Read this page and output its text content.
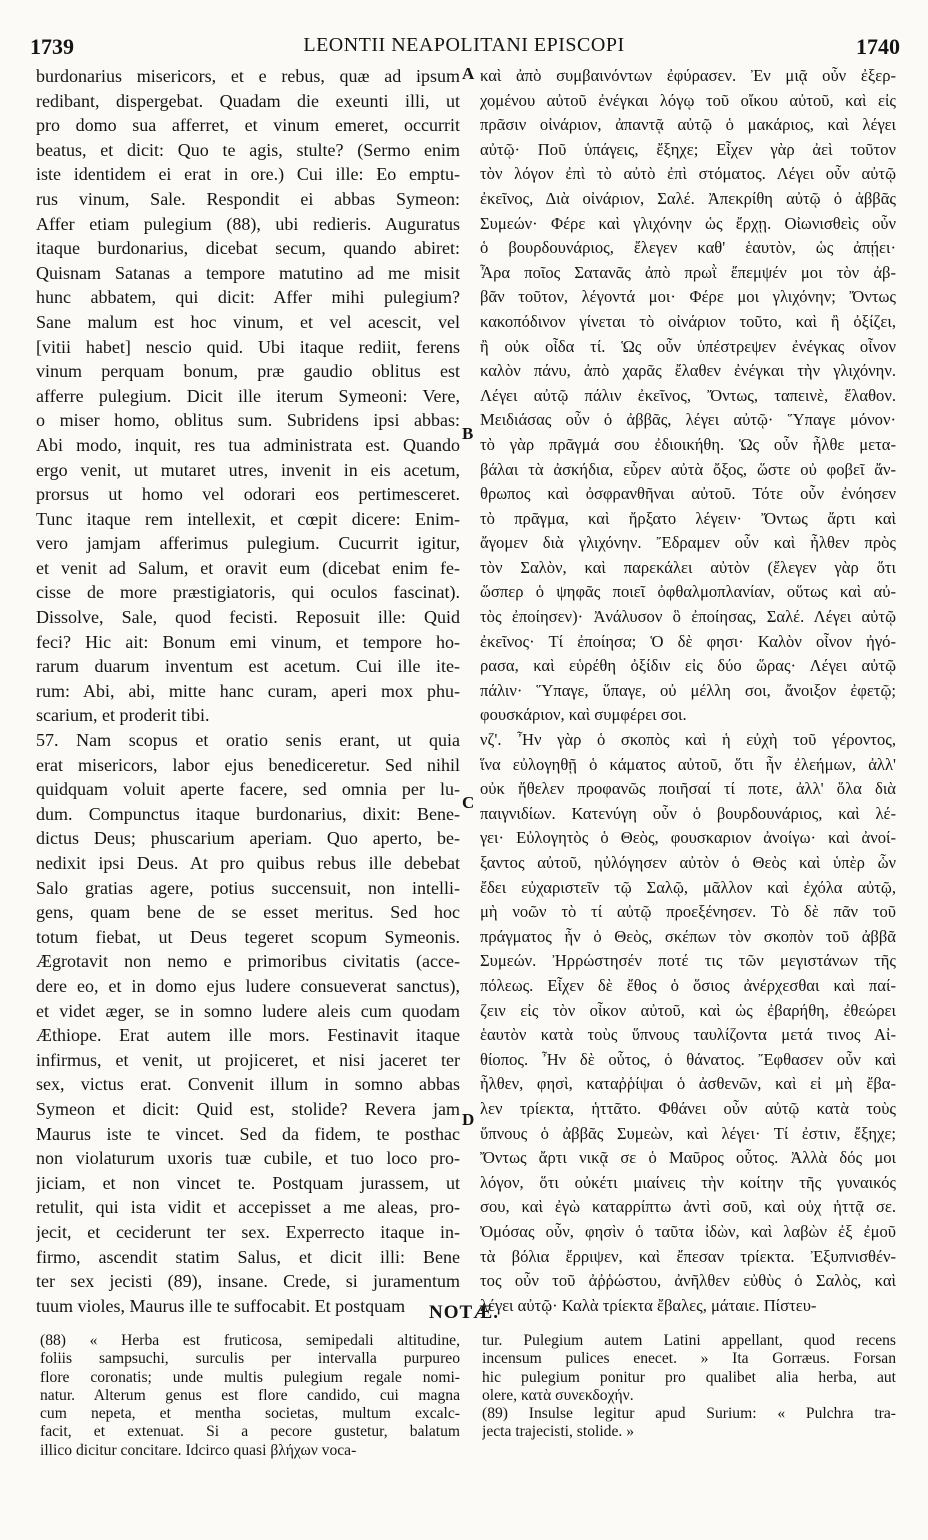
1739	LEONTII NEAPOLITANI EPISCOPI	1740
burdonarius misericors, et e rebus, quæ ad ipsum
redibant, dispergebat. Quadam die exeunti illi, ut
pro domo sua afferret, et vinum emeret, occurrit
beatus, et dicit: Quo te agis, stulte? (Sermo enim
iste identidem ei erat in ore.) Cui ille: Eo emptu-
rus vinum, Sale. Respondit ei abbas Symeon:
Affer etiam pulegium (88), ubi redieris. Auguratus
itaque burdonarius, dicebat secum, quando abiret:
Quisnam Satanas a tempore matutino ad me misit
hunc abbatem, qui dicit: Affer mihi pulegium?
Sane malum est hoc vinum, et vel acescit, vel
[vitii habet] nescio quid. Ubi itaque rediit, ferens
vinum perquam bonum, præ gaudio oblitus est
afferre pulegium. Dicit ille iterum Symeoni: Vere,
o miser homo, oblitus sum. Subridens ipsi abbas:
Abi modo, inquit, res tua administrata est. Quando
ergo venit, ut mutaret utres, invenit in eis acetum,
prorsus ut homo vel odorari eos pertimesceret.
Tunc itaque rem intellexit, et cœpit dicere: Enim-
vero jamjam afferimus pulegium. Cucurrit igitur,
et venit ad Salum, et oravit eum (dicebat enim fe-
cisse de more præstigiatoris, qui oculos fascinat).
Dissolve, Sale, quod fecisti. Reposuit ille: Quid
feci? Hic ait: Bonum emi vinum, et tempore ho-
rarum duarum inventum est acetum. Cui ille ite-
rum: Abi, abi, mitte hanc curam, aperi mox phu-
scarium, et proderit tibi.
57. Nam scopus et oratio senis erant, ut quia
erat misericors, labor ejus benediceretur. Sed nihil
quidquam voluit aperte facere, sed omnia per lu-
dum. Compunctus itaque burdonarius, dixit: Bene-
dictus Deus; phuscarium aperiam. Quo aperto, be-
nedixit ipsi Deus. At pro quibus rebus ille debebat
Salo gratias agere, potius succensuit, non intelli-
gens, quam bene de se esset meritus. Sed hoc
totum fiebat, ut Deus tegeret scopum Symeonis.
Ægrotavit non nemo e primoribus civitatis (acce-
dere eo, et in domo ejus ludere consueverat sanctus),
et videt æger, se in somno ludere aleis cum quodam
Æthiope. Erat autem ille mors. Festinavit itaque
infirmus, et venit, ut projiceret, et nisi jaceret ter
sex, victus erat. Convenit illum in somno abbas
Symeon et dicit: Quid est, stolide? Revera jam
Maurus iste te vincet. Sed da fidem, te posthac
non violaturum uxoris tuæ cubile, et tuo loco pro-
jiciam, et non vincet te. Postquam jurassem, ut
retulit, qui ista vidit et accepisset a me aleas, pro-
jecit, et ceciderunt ter sex. Experrecto itaque in-
firmo, ascendit statim Salus, et dicit illi: Bene
ter sex jecisti (89), insane. Crede, si juramentum
tuum violes, Maurus ille te suffocabit. Et postquam
καὶ ἀπὸ συμβαινόντων ἐφύρασεν. Ἐν μιᾷ οὖν ἐξερ-
χομένου αὐτοῦ ἐνέγκαι λόγῳ τοῦ οἴκου αὐτοῦ, καὶ εἰς
πρᾶσιν οἰνάριον, ἀπαντᾷ αὐτῷ ὁ μακάριος, καὶ λέγει
αὐτῷ· Ποῦ ὑπάγεις, ἔξηχε; Εἶχεν γὰρ ἀεὶ τοῦτον
τὸν λόγον ἐπὶ τὸ αὐτὸ ἐπὶ στόματος. Λέγει οὖν αὐτῷ
ἐκεῖνος, Διὰ οἰνάριον, Σαλέ. Ἀπεκρίθη αὐτῷ ὁ ἀββᾶς
Συμεών· Φέρε καὶ γλιχόνην ὡς ἔρχῃ. Οἰωνισθεὶς οὖν
ὁ βουρδουνάριος, ἔλεγεν καθ' ἑαυτὸν, ὡς ἀπῄει·
Ἆρα ποῖος Σατανᾶς ἀπὸ πρωῒ ἔπεμψέν μοι τὸν ἀβ-
βᾶν τοῦτον, λέγοντά μοι· Φέρε μοι γλιχόνην; Ὄντως
κακοπόδινον γίνεται τὸ οἰνάριον τοῦτο, καὶ ἢ ὀξίζει,
ἢ οὐκ οἶδα τί. Ὡς οὖν ὑπέστρεψεν ἐνέγκας οἶνον
καλὸν πάνυ, ἀπὸ χαρᾶς ἔλαθεν ἐνέγκαι τὴν γλιχόνην.
Λέγει αὐτῷ πάλιν ἐκεῖνος, Ὄντως, ταπεινὲ, ἔλαθον.
Μειδιάσας οὖν ὁ ἀββᾶς, λέγει αὐτῷ· Ὕπαγε μόνον·
τὸ γὰρ πρᾶγμά σου ἐδιοικήθη. Ὡς οὖν ἦλθε μετα-
βάλαι τὰ ἀσκήδια, εὗρεν αὐτὰ ὄξος, ὥστε οὐ φοβεῖ ἄν-
θρωπος καὶ ὀσφρανθῆναι αὐτοῦ. Τότε οὖν ἐνόησεν
τὸ πρᾶγμα, καὶ ἤρξατο λέγειν· Ὄντως ἄρτι καὶ
ἄγομεν διὰ γλιχόνην. Ἔδραμεν οὖν καὶ ἦλθεν πρὸς
τὸν Σαλὸν, καὶ παρεκάλει αὐτὸν (ἔλεγεν γὰρ ὅτι
ὥσπερ ὁ ψηφᾶς ποιεῖ ὀφθαλμοπλανίαν, οὕτως καὶ αὐ-
τὸς ἐποίησεν)· Ἀνάλυσον ὃ ἐποίησας, Σαλέ. Λέγει αὐτῷ
ἐκεῖνος· Τί ἐποίησα; Ὁ δὲ φησι· Καλὸν οἶνον ἠγό-
ρασα, καὶ εὑρέθη ὀξίδιν εἰς δύο ὥρας· Λέγει αὐτῷ
πάλιν· Ὕπαγε, ὕπαγε, οὐ μέλλη σοι, ἄνοιξον ἐφετῷ;
φουσκάριον, καὶ συμφέρει σοι.
νζ'. Ἦν γὰρ ὁ σκοπὸς καὶ ἡ εὐχὴ τοῦ γέροντος,
ἵνα εὐλογηθῇ ὁ κάματος αὐτοῦ, ὅτι ἦν ἐλεήμων, ἀλλ'
οὐκ ἤθελεν προφανῶς ποιῆσαί τί ποτε, ἀλλ' ὅλα διὰ
παιγνιδίων. Κατενύγη οὖν ὁ βουρδουνάριος, καὶ λέ-
γει· Εὐλογητὸς ὁ Θεὸς, φουσκαριον ἀνοίγω· καὶ ἀνοί-
ξαντος αὐτοῦ, ηὐλόγησεν αὐτὸν ὁ Θεὸς καὶ ὑπὲρ ὧν
ἔδει εὐχαριστεῖν τῷ Σαλῷ, μᾶλλον καὶ ἐχόλα αὐτῷ,
μὴ νοῶν τὸ τί αὐτῷ προεξένησεν. Τὸ δὲ πᾶν τοῦ
πράγματος ἦν ὁ Θεὸς, σκέπων τὸν σκοπὸν τοῦ ἀββᾶ
Συμεών. Ἠρρώστησέν ποτέ τις τῶν μεγιστάνων τῆς
πόλεως. Εἶχεν δὲ ἔθος ὁ ὅσιος ἀνέρχεσθαι καὶ παί-
ζειν εἰς τὸν οἶκον αὐτοῦ, καὶ ὡς ἐβαρήθη, ἐθεώρει
ἑαυτὸν κατὰ τοὺς ὕπνους ταυλίζοντα μετά τινος Αἰ-
θίοπος. Ἦν δὲ οὗτος, ὁ θάνατος. Ἔφθασεν οὖν καὶ
ἦλθεν, φησὶ, καταῤῥίψαι ὁ ἀσθενῶν, καὶ εἰ μὴ ἔβα-
λεν τρίεκτα, ἡττᾶτο. Φθάνει οὖν αὐτῷ κατὰ τοὺς
ὕπνους ὁ ἀββᾶς Συμεὼν, καὶ λέγει· Τί ἐστιν, ἔξηχε;
Ὄντως ἄρτι νικᾷ σε ὁ Μαῦρος οὗτος. Ἀλλὰ δός μοι
λόγον, ὅτι οὐκέτι μιαίνεις τὴν κοίτην τῆς γυναικός
σου, καὶ ἐγὼ καταρρίπτω ἀντὶ σοῦ, καὶ οὐχ ἡττᾷ σε.
Ὀμόσας οὖν, φησὶν ὁ ταῦτα ἰδὼν, καὶ λαβὼν ἐξ ἐμοῦ
τὰ βόλια ἔρριψεν, καὶ ἔπεσαν τρίεκτα. Ἐξυπνισθέν-
τος οὖν τοῦ ἀῤῥώστου, ἀνῆλθεν εὐθὺς ὁ Σαλὸς, καὶ
λέγει αὐτῷ· Καλὰ τρίεκτα ἔβαλες, μάταιε. Πίστευ-
A
B
C
D
NOTÆ.
(88) « Herba est fruticosa, semipedali altitudine,
foliis sampsuchi, surculis per intervalla purpureo
flore coronatis; unde multis pulegium regale nomi-
natur. Alterum genus est flore candido, cui magna
cum nepeta, et mentha societas, multum excalc-
facit, et extenuat. Si a pecore gustetur, balatum
illico dicitur concitare. Idcirco quasi βλήχων voca-
tur. Pulegium autem Latini appellant, quod recens
incensum pulices enecet. » Ita Gorræus. Forsan
hic pulegium ponitur pro qualibet alia herba, aut
olere, κατὰ συνεκδοχήν.
(89) Insulse legitur apud Surium: « Pulchra tra-
jecta trajecisti, stolide. »
